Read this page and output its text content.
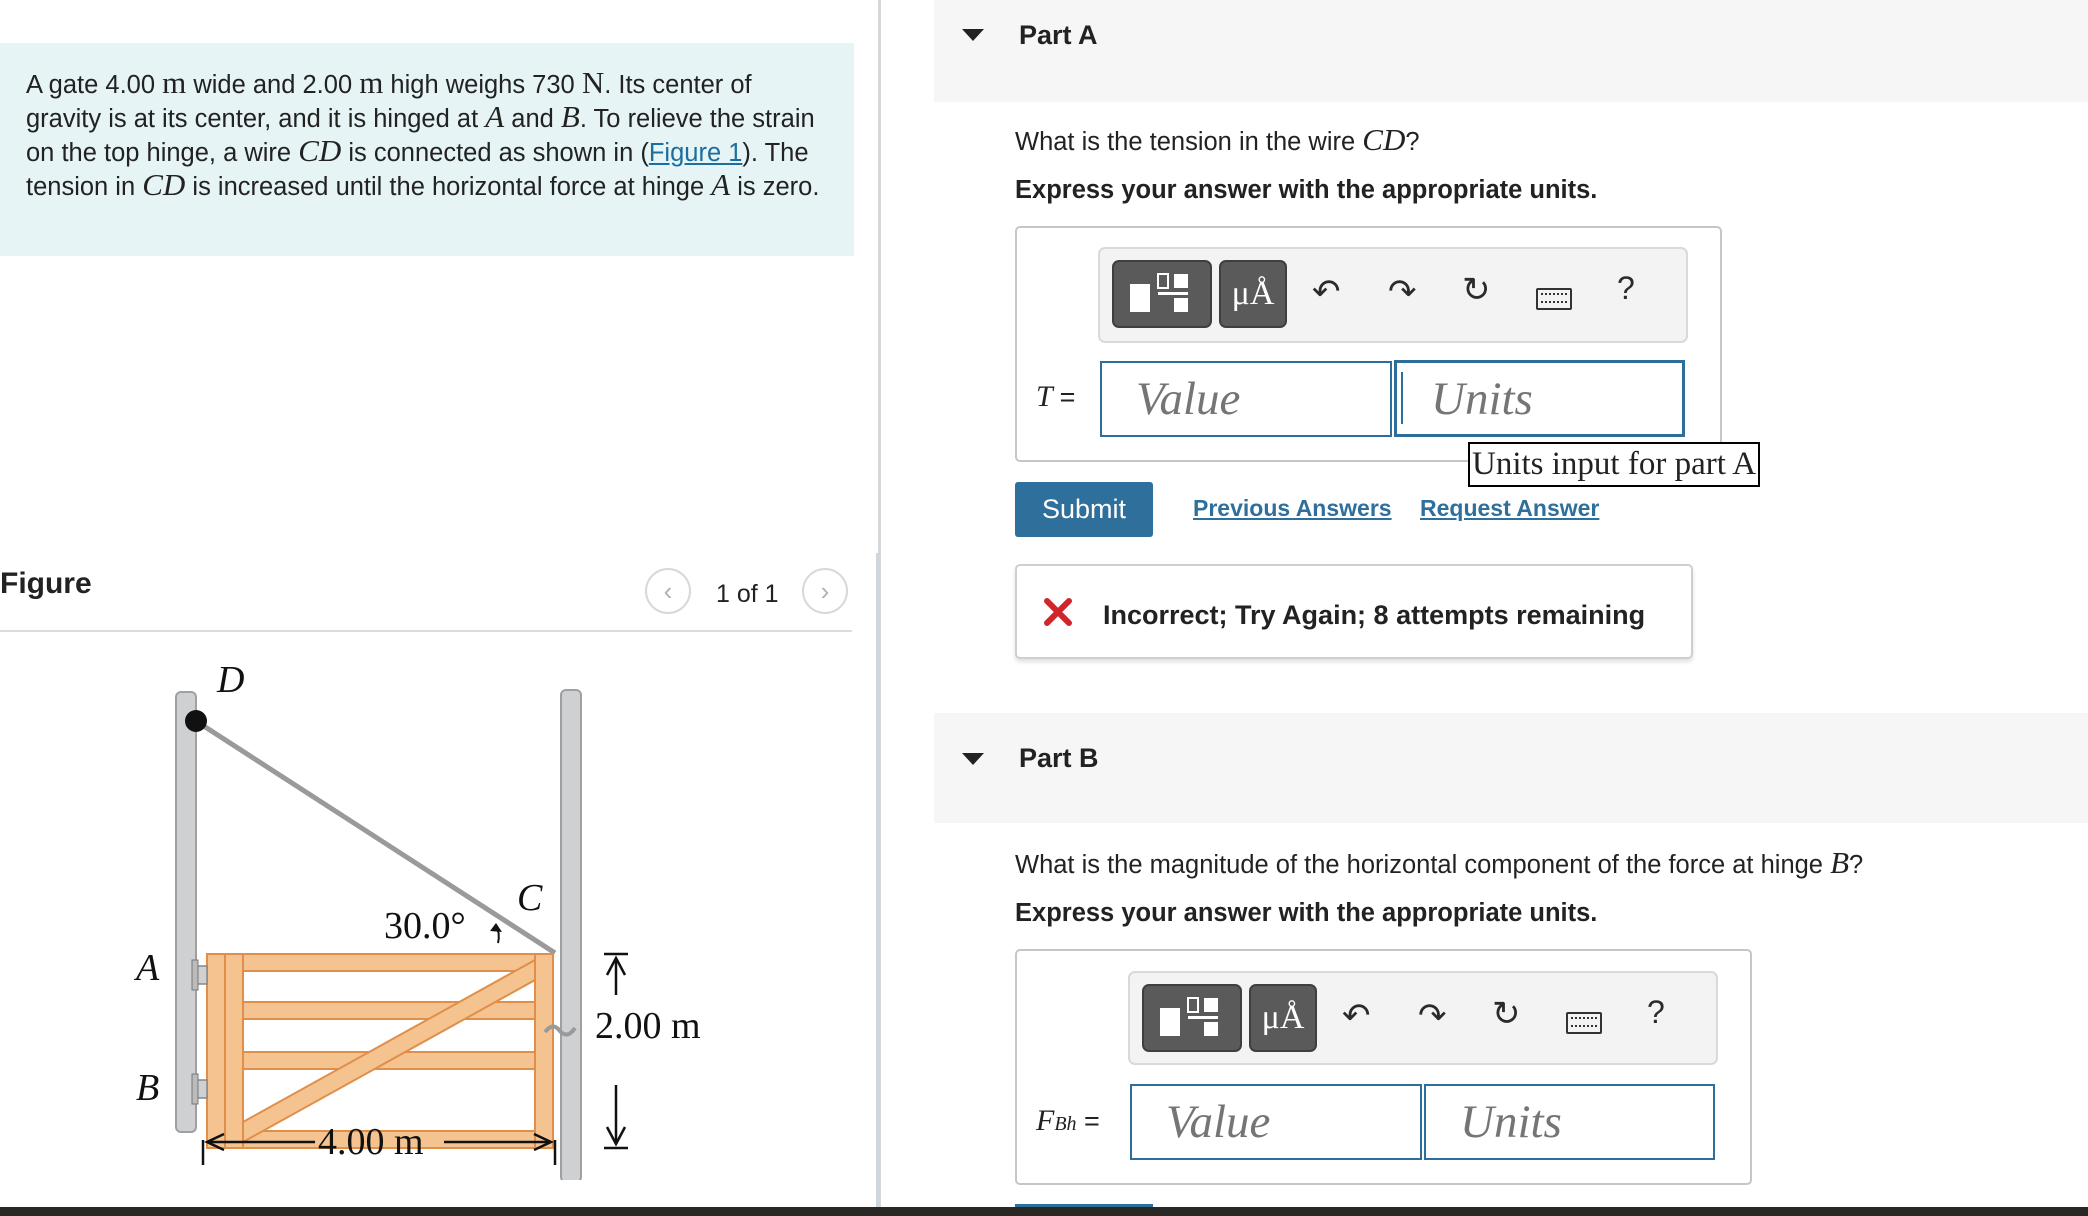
A gate 4.00 m wide and 2.00 m high weighs 730 N. Its center of gravity is at its center, and it is hinged at A and B. To relieve the strain on the top hinge, a wire CD is connected as shown in (Figure 1). The tension in CD is increased until the horizontal force at hinge A is zero.
Figure	‹ 1 of 1 ›
D
C
A
B
30.0°
2.00 m
4.00 m
Part A
What is the tension in the wire CD?
Express your answer with the appropriate units.
μÅ	↶ ↷ ↻	?
T =
Value
Units
Units input for part A
Submit	Previous Answers Request Answer
Incorrect; Try Again; 8 attempts remaining
Part B
What is the magnitude of the horizontal component of the force at hinge B?
Express your answer with the appropriate units.
μÅ	↶ ↷ ↻	?
FBh =
Value
Units
